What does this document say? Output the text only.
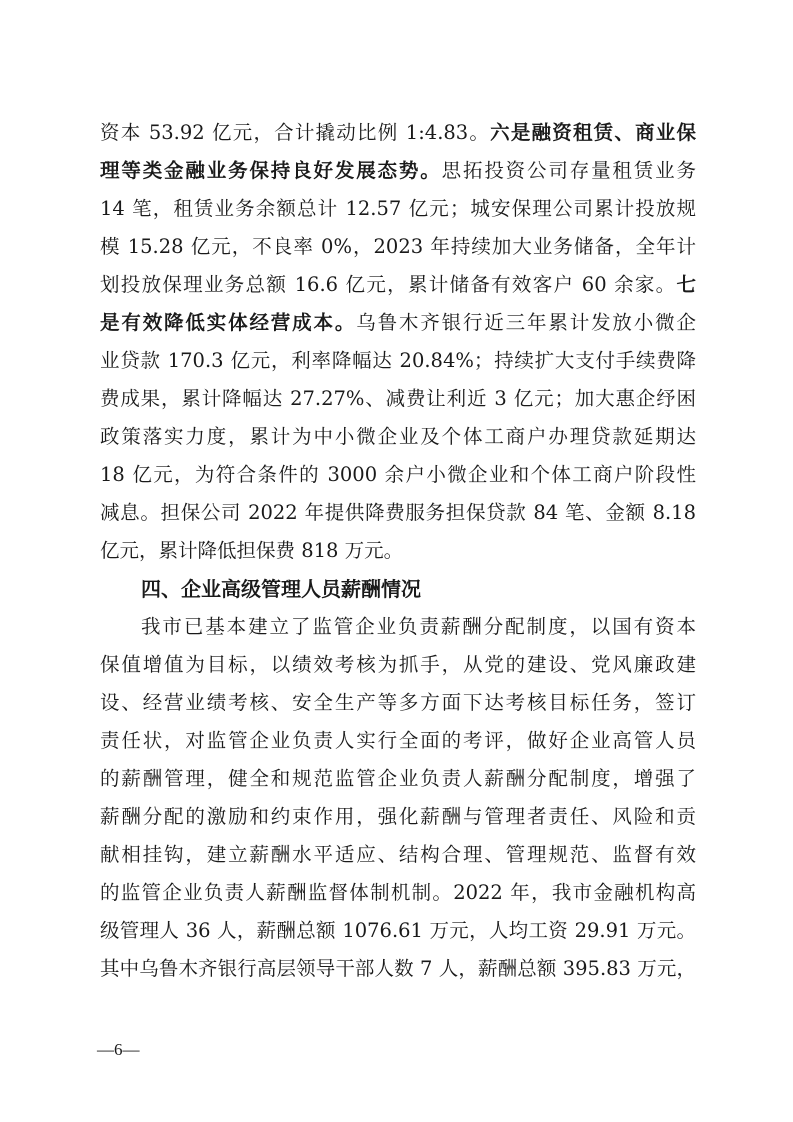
资本 53.92 亿元，合计撬动比例 1:4.83。六是融资租赁、商业保
理等类金融业务保持良好发展态势。思拓投资公司存量租赁业务
14 笔，租赁业务余额总计 12.57 亿元；城安保理公司累计投放规
模 15.28 亿元，不良率 0%，2023 年持续加大业务储备，全年计
划投放保理业务总额 16.6 亿元，累计储备有效客户 60 余家。七
是有效降低实体经营成本。乌鲁木齐银行近三年累计发放小微企
业贷款 170.3 亿元，利率降幅达 20.84%；持续扩大支付手续费降
费成果，累计降幅达 27.27%、减费让利近 3 亿元；加大惠企纾困
政策落实力度，累计为中小微企业及个体工商户办理贷款延期达
18 亿元，为符合条件的 3000 余户小微企业和个体工商户阶段性
减息。担保公司 2022 年提供降费服务担保贷款 84 笔、金额 8.18
亿元，累计降低担保费 818 万元。
四、企业高级管理人员薪酬情况
我市已基本建立了监管企业负责薪酬分配制度，以国有资本
保值增值为目标，以绩效考核为抓手，从党的建设、党风廉政建
设、经营业绩考核、安全生产等多方面下达考核目标任务，签订
责任状，对监管企业负责人实行全面的考评，做好企业高管人员
的薪酬管理，健全和规范监管企业负责人薪酬分配制度，增强了
薪酬分配的激励和约束作用，强化薪酬与管理者责任、风险和贡
献相挂钩，建立薪酬水平适应、结构合理、管理规范、监督有效
的监管企业负责人薪酬监督体制机制。2022 年，我市金融机构高
级管理人 36 人，薪酬总额 1076.61 万元，人均工资 29.91 万元。
其中乌鲁木齐银行高层领导干部人数 7 人，薪酬总额 395.83 万元，
—6—
